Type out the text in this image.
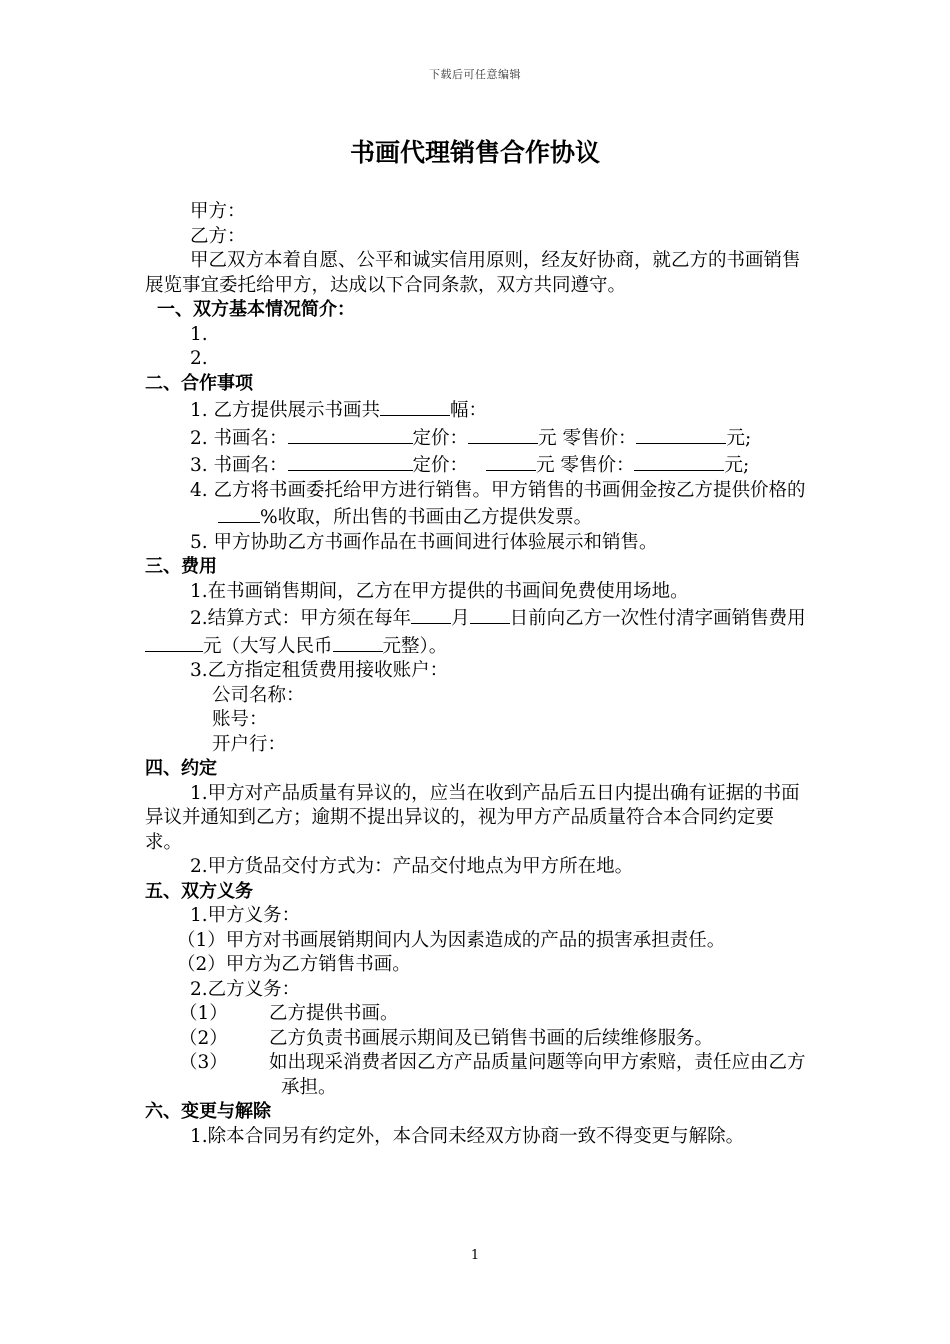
下载后可任意编辑
书画代理销售合作协议

甲方：

乙方：

甲乙双方本着自愿、公平和诚实信用原则，经友好协商，就乙方的书画销售展览事宜委托给甲方，达成以下合同条款，双方共同遵守。

一、双方基本情况简介：

1.

2.

二、合作事项

1. 乙方提供展示书画共	幅：

2. 书画名：	定价：	元 零售价：	元;

3. 书画名：	定价：	元 零售价：	元;

4. 乙方将书画委托给甲方进行销售。甲方销售的书画佣金按乙方提供价格的%收取，所出售的书画由乙方提供发票。

5. 甲方协助乙方书画作品在书画间进行体验展示和销售。

三、费用

1.在书画销售期间，乙方在甲方提供的书画间免费使用场地。

2.结算方式：甲方须在每年 月 日前向乙方一次性付清字画销售费用元（大写人民币	元整）。

3.乙方指定租赁费用接收账户：

公司名称：

账号：

开户行：

四、约定

1.甲方对产品质量有异议的，应当在收到产品后五日内提出确有证据的书面异议并通知到乙方；逾期不提出异议的，视为甲方产品质量符合本合同约定要求。

2.甲方货品交付方式为：产品交付地点为甲方所在地。

五、双方义务

1.甲方义务：

（1）甲方对书画展销期间内人为因素造成的产品的损害承担责任。

（2）甲方为乙方销售书画。

2.乙方义务：

（1） 乙方提供书画。

（2） 乙方负责书画展示期间及已销售书画的后续维修服务。

（3） 如出现采消费者因乙方产品质量问题等向甲方索赔，责任应由乙方承担。

六、变更与解除

1.除本合同另有约定外，本合同未经双方协商一致不得变更与解除。

1
